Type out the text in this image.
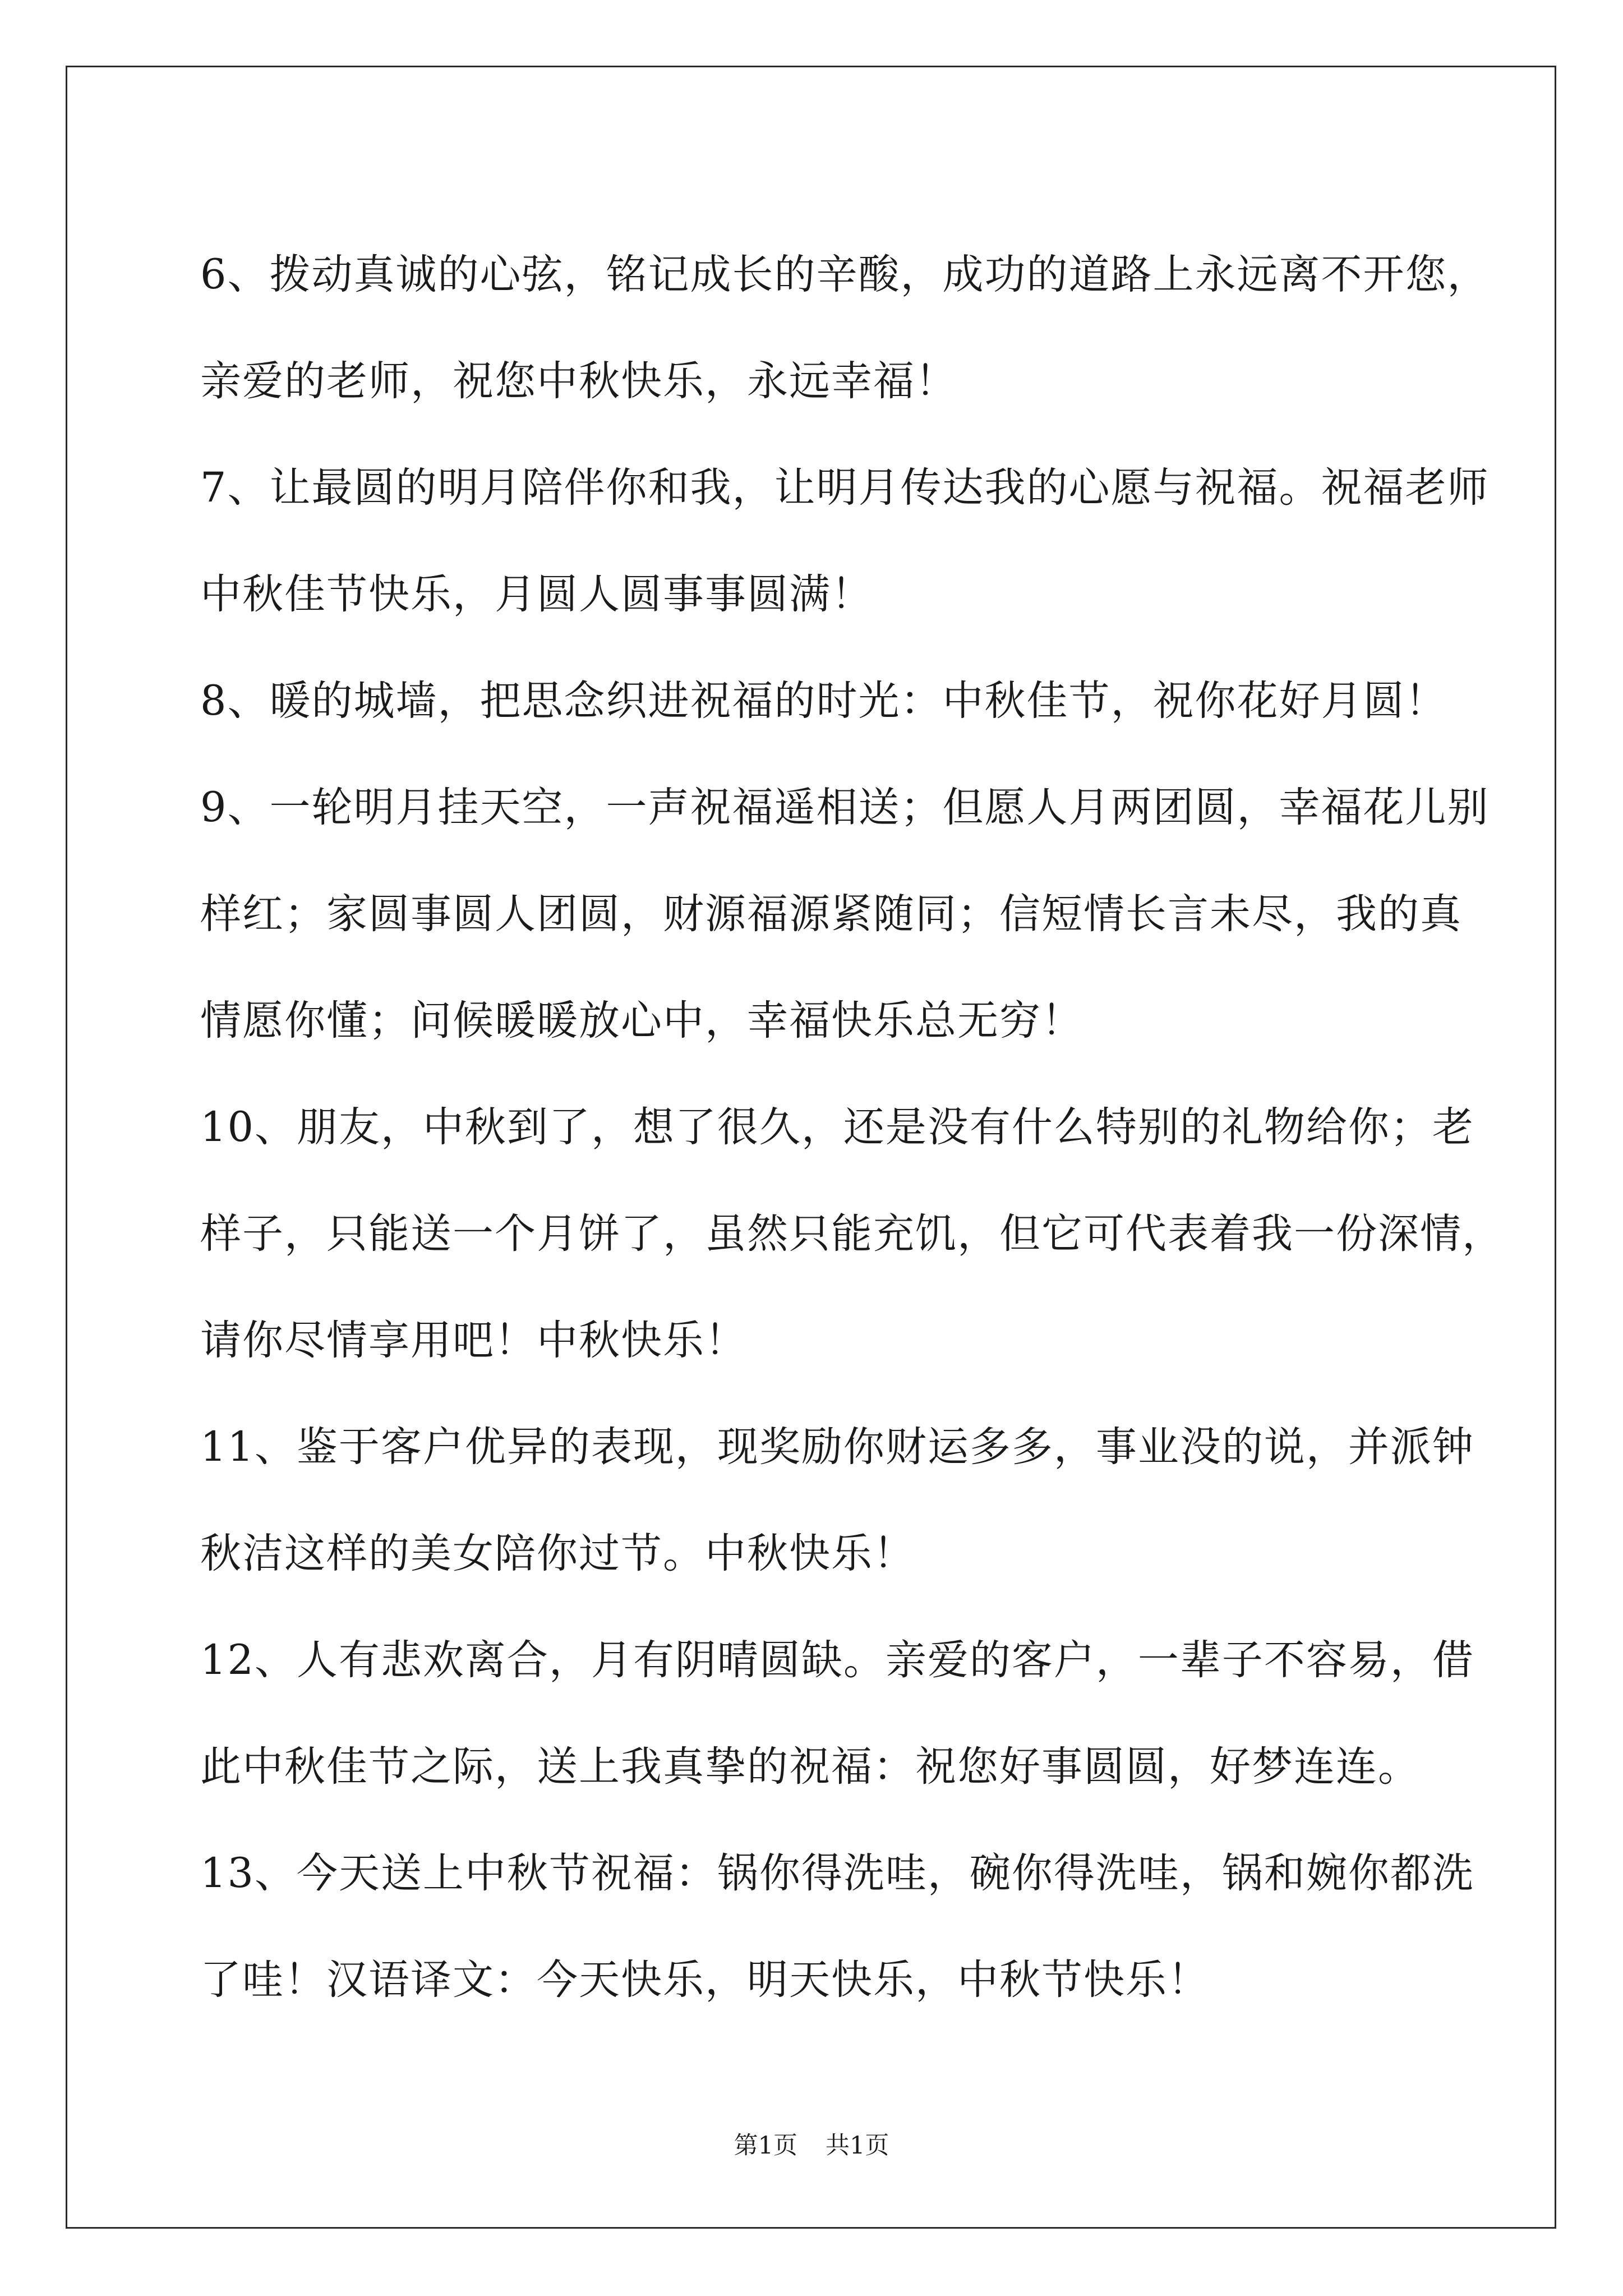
6、拨动真诚的心弦，铭记成长的辛酸，成功的道路上永远离不开您，
亲爱的老师，祝您中秋快乐，永远幸福！

7、让最圆的明月陪伴你和我，让明月传达我的心愿与祝福。祝福老师
中秋佳节快乐，月圆人圆事事圆满！

8、暖的城墙，把思念织进祝福的时光：中秋佳节，祝你花好月圆！

9、一轮明月挂天空，一声祝福遥相送；但愿人月两团圆，幸福花儿别
样红；家圆事圆人团圆，财源福源紧随同；信短情长言未尽，我的真
情愿你懂；问候暖暖放心中，幸福快乐总无穷！

10、朋友，中秋到了，想了很久，还是没有什么特别的礼物给你；老
样子，只能送一个月饼了，虽然只能充饥，但它可代表着我一份深情，
请你尽情享用吧！中秋快乐！

11、鉴于客户优异的表现，现奖励你财运多多，事业没的说，并派钟
秋洁这样的美女陪你过节。中秋快乐！

12、人有悲欢离合，月有阴晴圆缺。亲爱的客户，一辈子不容易，借
此中秋佳节之际，送上我真挚的祝福：祝您好事圆圆，好梦连连。

13、今天送上中秋节祝福：锅你得洗哇，碗你得洗哇，锅和婉你都洗
了哇！汉语译文：今天快乐，明天快乐，中秋节快乐！

第1页 共1页
